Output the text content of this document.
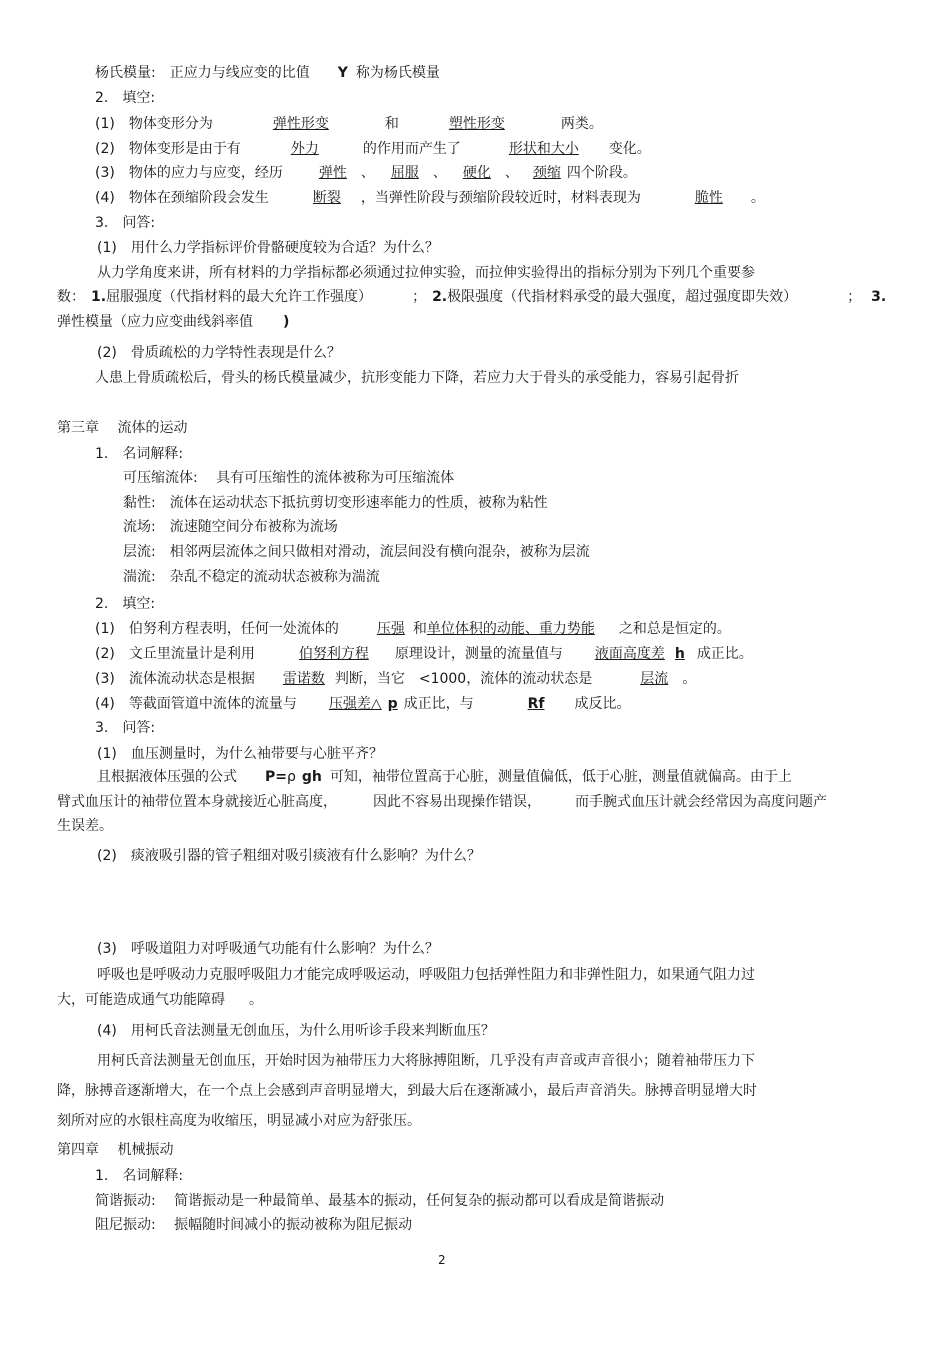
杨氏模量: 正应力与线应变的比值 Y 称为杨氏模量
2.　填空:
(1)　物体变形分为	弹性形变	和	塑性形变	两类。
(2)　物体变形是由于有	外力	的作用而产生了	形状和大小 变化。
(3)　物体的应力与应变，经历	弹性 、 屈服 、 硬化 、 颈缩 四个阶段。
(4)　物体在颈缩阶段会发生	断裂 ，当弹性阶段与颈缩阶段较近时，材料表现为	脆性 。
3.　问答:
(1)　用什么力学指标评价骨骼硬度较为合适？为什么？
从力学角度来讲，所有材料的力学指标都必须通过拉伸实验，而拉伸实验得出的指标分别为下列几个重要参
数： 1.屈服强度（代指材料的最大允许工作强度）	； 2.极限强度（代指材料承受的最大强度，超过强度即失效）	； 3.
弹性模量（应力应变曲线斜率值 )
(2)　骨质疏松的力学特性表现是什么？
人患上骨质疏松后，骨头的杨氏模量减少，抗形变能力下降，若应力大于骨头的承受能力，容易引起骨折
第三章　 流体的运动
1.　名词解释:
可压缩流体:　 具有可压缩性的流体被称为可压缩流体
黏性:　流体在运动状态下抵抗剪切变形速率能力的性质，被称为粘性
流场:　流速随空间分布被称为流场
层流:　相邻两层流体之间只做相对滑动，流层间没有横向混杂，被称为层流
湍流:　杂乱不稳定的流动状态被称为湍流
2.　填空:
(1)　伯努利方程表明，任何一处流体的	压强 和单位体积的动能、重力势能 之和总是恒定的。
(2)　文丘里流量计是利用	伯努利方程 原理设计，测量的流量值与 液面高度差 h 成正比。
(3)　流体流动状态是根据 雷诺数 判断，当它 <1000，流体的流动状态是	层流 。
(4)　等截面管道中流体的流量与 压强差△ p 成正比，与	Rf 成反比。
3.　问答:
(1)　血压测量时，为什么袖带要与心脏平齐？
且根据液体压强的公式 P=ρ gh 可知，袖带位置高于心脏，测量值偏低，低于心脏，测量值就偏高。由于上
臂式血压计的袖带位置本身就接近心脏高度，	因此不容易出现操作错误， 而手腕式血压计就会经常因为高度问题产
生误差。
(2)　痰液吸引器的管子粗细对吸引痰液有什么影响？为什么？
(3)　呼吸道阻力对呼吸通气功能有什么影响？为什么？
呼吸也是呼吸动力克服呼吸阻力才能完成呼吸运动，呼吸阻力包括弹性阻力和非弹性阻力，如果通气阻力过
大，可能造成通气功能障碍 。
(4)　用柯氏音法测量无创血压，为什么用听诊手段来判断血压？
用柯氏音法测量无创血压，开始时因为袖带压力大将脉搏阻断，几乎没有声音或声音很小；随着袖带压力下
降，脉搏音逐渐增大，在一个点上会感到声音明显增大，到最大后在逐渐减小，最后声音消失。脉搏音明显增大时
刻所对应的水银柱高度为收缩压，明显减小对应为舒张压。
第四章　 机械振动
1.　名词解释:
简谐振动:　 简谐振动是一种最简单、最基本的振动，任何复杂的振动都可以看成是简谐振动
阻尼振动:　 振幅随时间减小的振动被称为阻尼振动
2
